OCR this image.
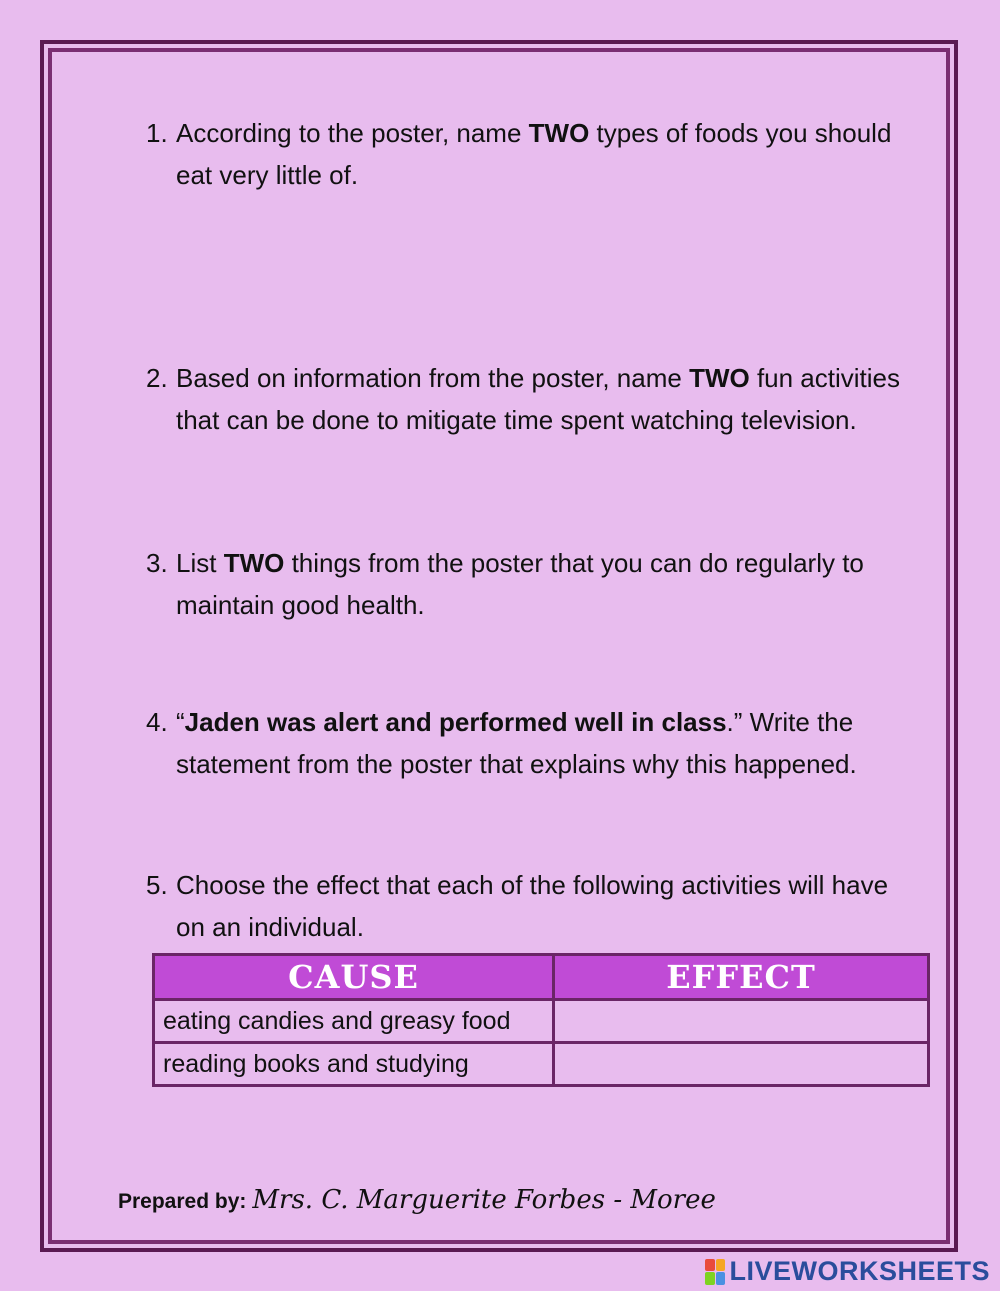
1. According to the poster, name TWO types of foods you should eat very little of.
2. Based on information from the poster, name TWO fun activities that can be done to mitigate time spent watching television.
3. List TWO things from the poster that you can do regularly to maintain good health.
4. “Jaden was alert and performed well in class.” Write the statement from the poster that explains why this happened.
5. Choose the effect that each of the following activities will have on an individual.
CAUSE	EFFECT
eating candies and greasy food	
reading books and studying	
Prepared by: Mrs. C. Marguerite Forbes - Moree
LIVEWORKSHEETS
